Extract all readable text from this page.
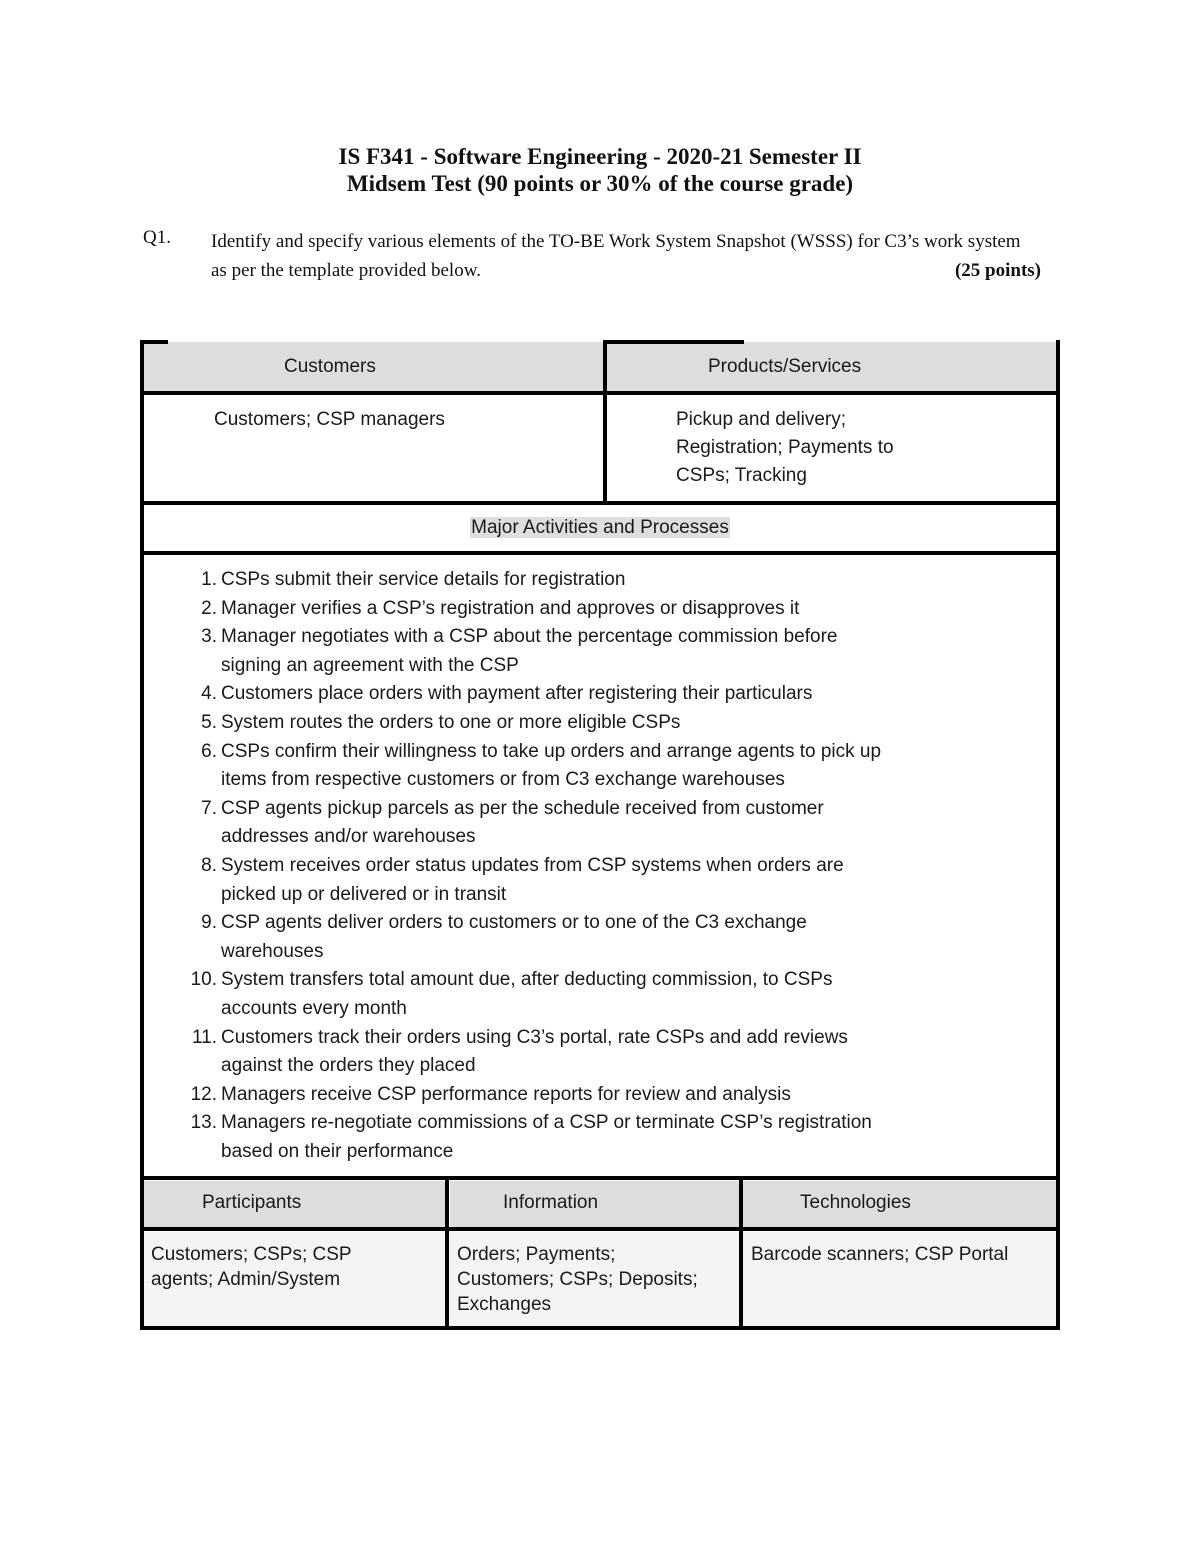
IS F341 - Software Engineering - 2020-21 Semester II
Midsem Test (90 points or 30% of the course grade)
Q1. Identify and specify various elements of the TO-BE Work System Snapshot (WSSS) for C3’s work system as per the template provided below.	(25 points)
Customers
Customers; CSP managers
Products/Services
Pickup and delivery;
Registration; Payments to
CSPs; Tracking
Major Activities and Processes
1. CSPs submit their service details for registration
2. Manager verifies a CSP’s registration and approves or disapproves it
3. Manager negotiates with a CSP about the percentage commission before
signing an agreement with the CSP
4. Customers place orders with payment after registering their particulars
5. System routes the orders to one or more eligible CSPs
6. CSPs confirm their willingness to take up orders and arrange agents to pick up
items from respective customers or from C3 exchange warehouses
7. CSP agents pickup parcels as per the schedule received from customer
addresses and/or warehouses
8. System receives order status updates from CSP systems when orders are
picked up or delivered or in transit
9. CSP agents deliver orders to customers or to one of the C3 exchange
warehouses
10. System transfers total amount due, after deducting commission, to CSPs
accounts every month
11. Customers track their orders using C3’s portal, rate CSPs and add reviews
against the orders they placed
12. Managers receive CSP performance reports for review and analysis
13. Managers re-negotiate commissions of a CSP or terminate CSP’s registration
based on their performance
Participants
Customers; CSPs; CSP
agents; Admin/System
Information
Orders; Payments;
Customers; CSPs; Deposits;
Exchanges
Technologies
Barcode scanners; CSP Portal
